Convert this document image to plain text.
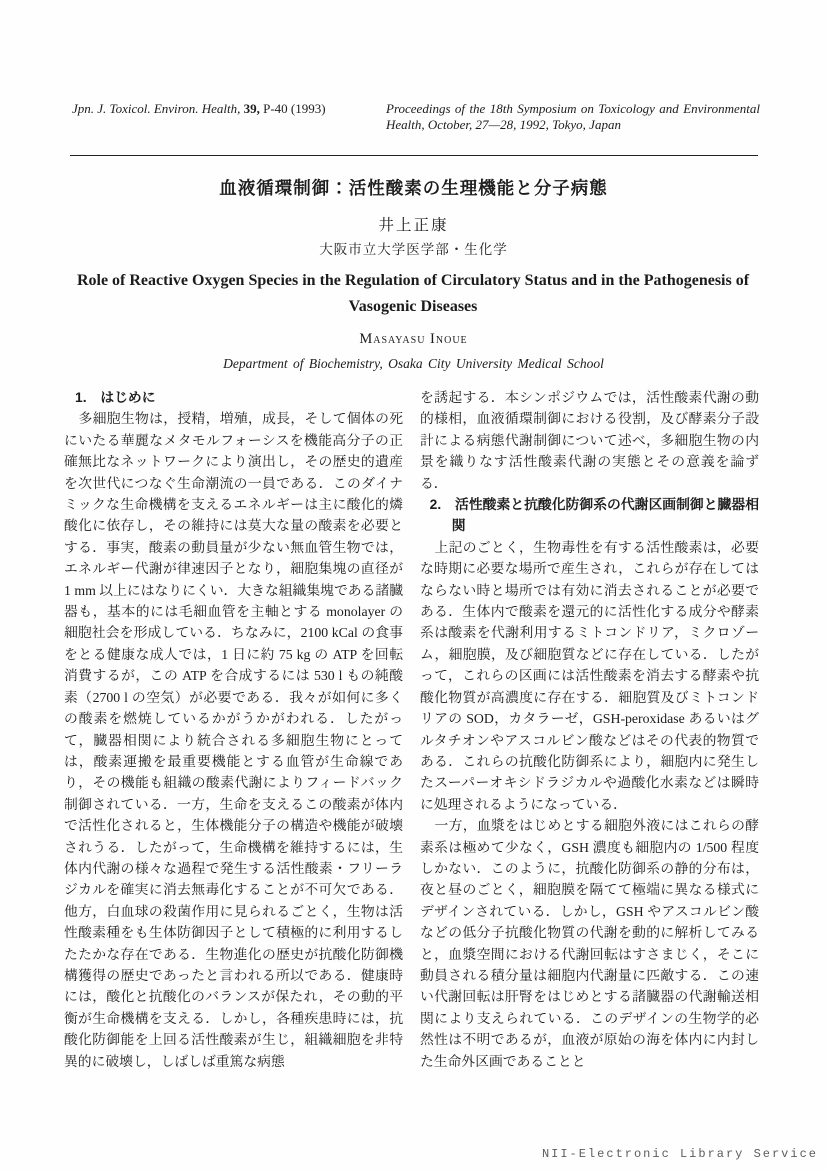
Jpn. J. Toxicol. Environ. Health, 39, P-40 (1993)	Proceedings of the 18th Symposium on Toxicology and Environmental Health, October, 27—28, 1992, Tokyo, Japan
血液循環制御：活性酸素の生理機能と分子病態
井上正康
大阪市立大学医学部・生化学
Role of Reactive Oxygen Species in the Regulation of Circulatory Status and in the Pathogenesis of Vasogenic Diseases
Masayasu Inoue
Department of Biochemistry, Osaka City University Medical School
1.　はじめに

多細胞生物は，授精，増殖，成長，そして個体の死にいたる華麗なメタモルフォーシスを機能高分子の正確無比なネットワークにより演出し，その歴史的遺産を次世代につなぐ生命潮流の一員である．このダイナミックな生命機構を支えるエネルギーは主に酸化的燐酸化に依存し，その維持には莫大な量の酸素を必要とする．事実，酸素の動員量が少ない無血管生物では，エネルギー代謝が律速因子となり，細胞集塊の直径が 1 mm 以上にはなりにくい．大きな組織集塊である諸臓器も，基本的には毛細血管を主軸とする monolayer の細胞社会を形成している．ちなみに，2100 kCal の食事をとる健康な成人では，1 日に約 75 kg の ATP を回転消費するが，この ATP を合成するには 530 l もの純酸素（2700 l の空気）が必要である．我々が如何に多くの酸素を燃焼しているかがうかがわれる．したがって，臓器相関により統合される多細胞生物にとっては，酸素運搬を最重要機能とする血管が生命線であり，その機能も組織の酸素代謝によりフィードバック制御されている．一方，生命を支えるこの酸素が体内で活性化されると，生体機能分子の構造や機能が破壊されうる．したがって，生命機構を維持するには，生体内代謝の様々な過程で発生する活性酸素・フリーラジカルを確実に消去無毒化することが不可欠である．他方，白血球の殺菌作用に見られるごとく，生物は活性酸素種をも生体防御因子として積極的に利用するしたたかな存在である．生物進化の歴史が抗酸化防御機構獲得の歴史であったと言われる所以である．健康時には，酸化と抗酸化のバランスが保たれ，その動的平衡が生命機構を支える．しかし，各種疾患時には，抗酸化防御能を上回る活性酸素が生じ，組織細胞を非特異的に破壊し，しばしば重篤な病態

を誘起する．本シンポジウムでは，活性酸素代謝の動的様相，血液循環制御における役割，及び酵素分子設計による病態代謝制御について述べ，多細胞生物の内景を織りなす活性酸素代謝の実態とその意義を論ずる．

2.　活性酸素と抗酸化防御系の代謝区画制御と臓器相関

上記のごとく，生物毒性を有する活性酸素は，必要な時期に必要な場所で産生され，これらが存在してはならない時と場所では有効に消去されることが必要である．生体内で酸素を還元的に活性化する成分や酵素系は酸素を代謝利用するミトコンドリア，ミクロゾーム，細胞膜，及び細胞質などに存在している．したがって，これらの区画には活性酸素を消去する酵素や抗酸化物質が高濃度に存在する．細胞質及びミトコンドリアの SOD，カタラーゼ，GSH-peroxidase あるいはグルタチオンやアスコルビン酸などはその代表的物質である．これらの抗酸化防御系により，細胞内に発生したスーパーオキシドラジカルや過酸化水素などは瞬時に処理されるようになっている．

一方，血漿をはじめとする細胞外液にはこれらの酵素系は極めて少なく，GSH 濃度も細胞内の 1/500 程度しかない．このように，抗酸化防御系の静的分布は，夜と昼のごとく，細胞膜を隔てて極端に異なる様式にデザインされている．しかし，GSH やアスコルビン酸などの低分子抗酸化物質の代謝を動的に解析してみると，血漿空間における代謝回転はすさまじく，そこに動員される積分量は細胞内代謝量に匹敵する．この速い代謝回転は肝腎をはじめとする諸臓器の代謝輸送相関により支えられている．このデザインの生物学的必然性は不明であるが，血液が原始の海を体内に内封した生命外区画であることと

NII-Electronic Library Service
